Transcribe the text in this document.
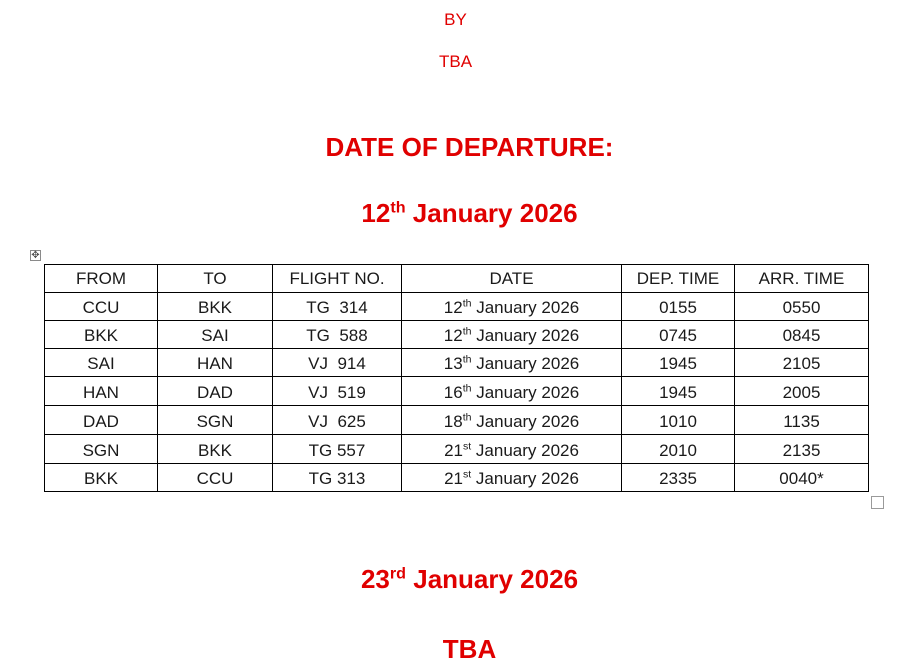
BY
TBA
DATE OF DEPARTURE:
12th January 2026
✥
FROM	TO	FLIGHT NO.	DATE	DEP. TIME	ARR. TIME
CCU	BKK	TG  314	12th January 2026	0155	0550
BKK	SAI	TG  588	12th January 2026	0745	0845
SAI	HAN	VJ  914	13th January 2026	1945	2105
HAN	DAD	VJ  519	16th January 2026	1945	2005
DAD	SGN	VJ  625	18th January 2026	1010	1135
SGN	BKK	TG 557	21st January 2026	2010	2135
BKK	CCU	TG 313	21st January 2026	2335	0040*
23rd January 2026
TBA
